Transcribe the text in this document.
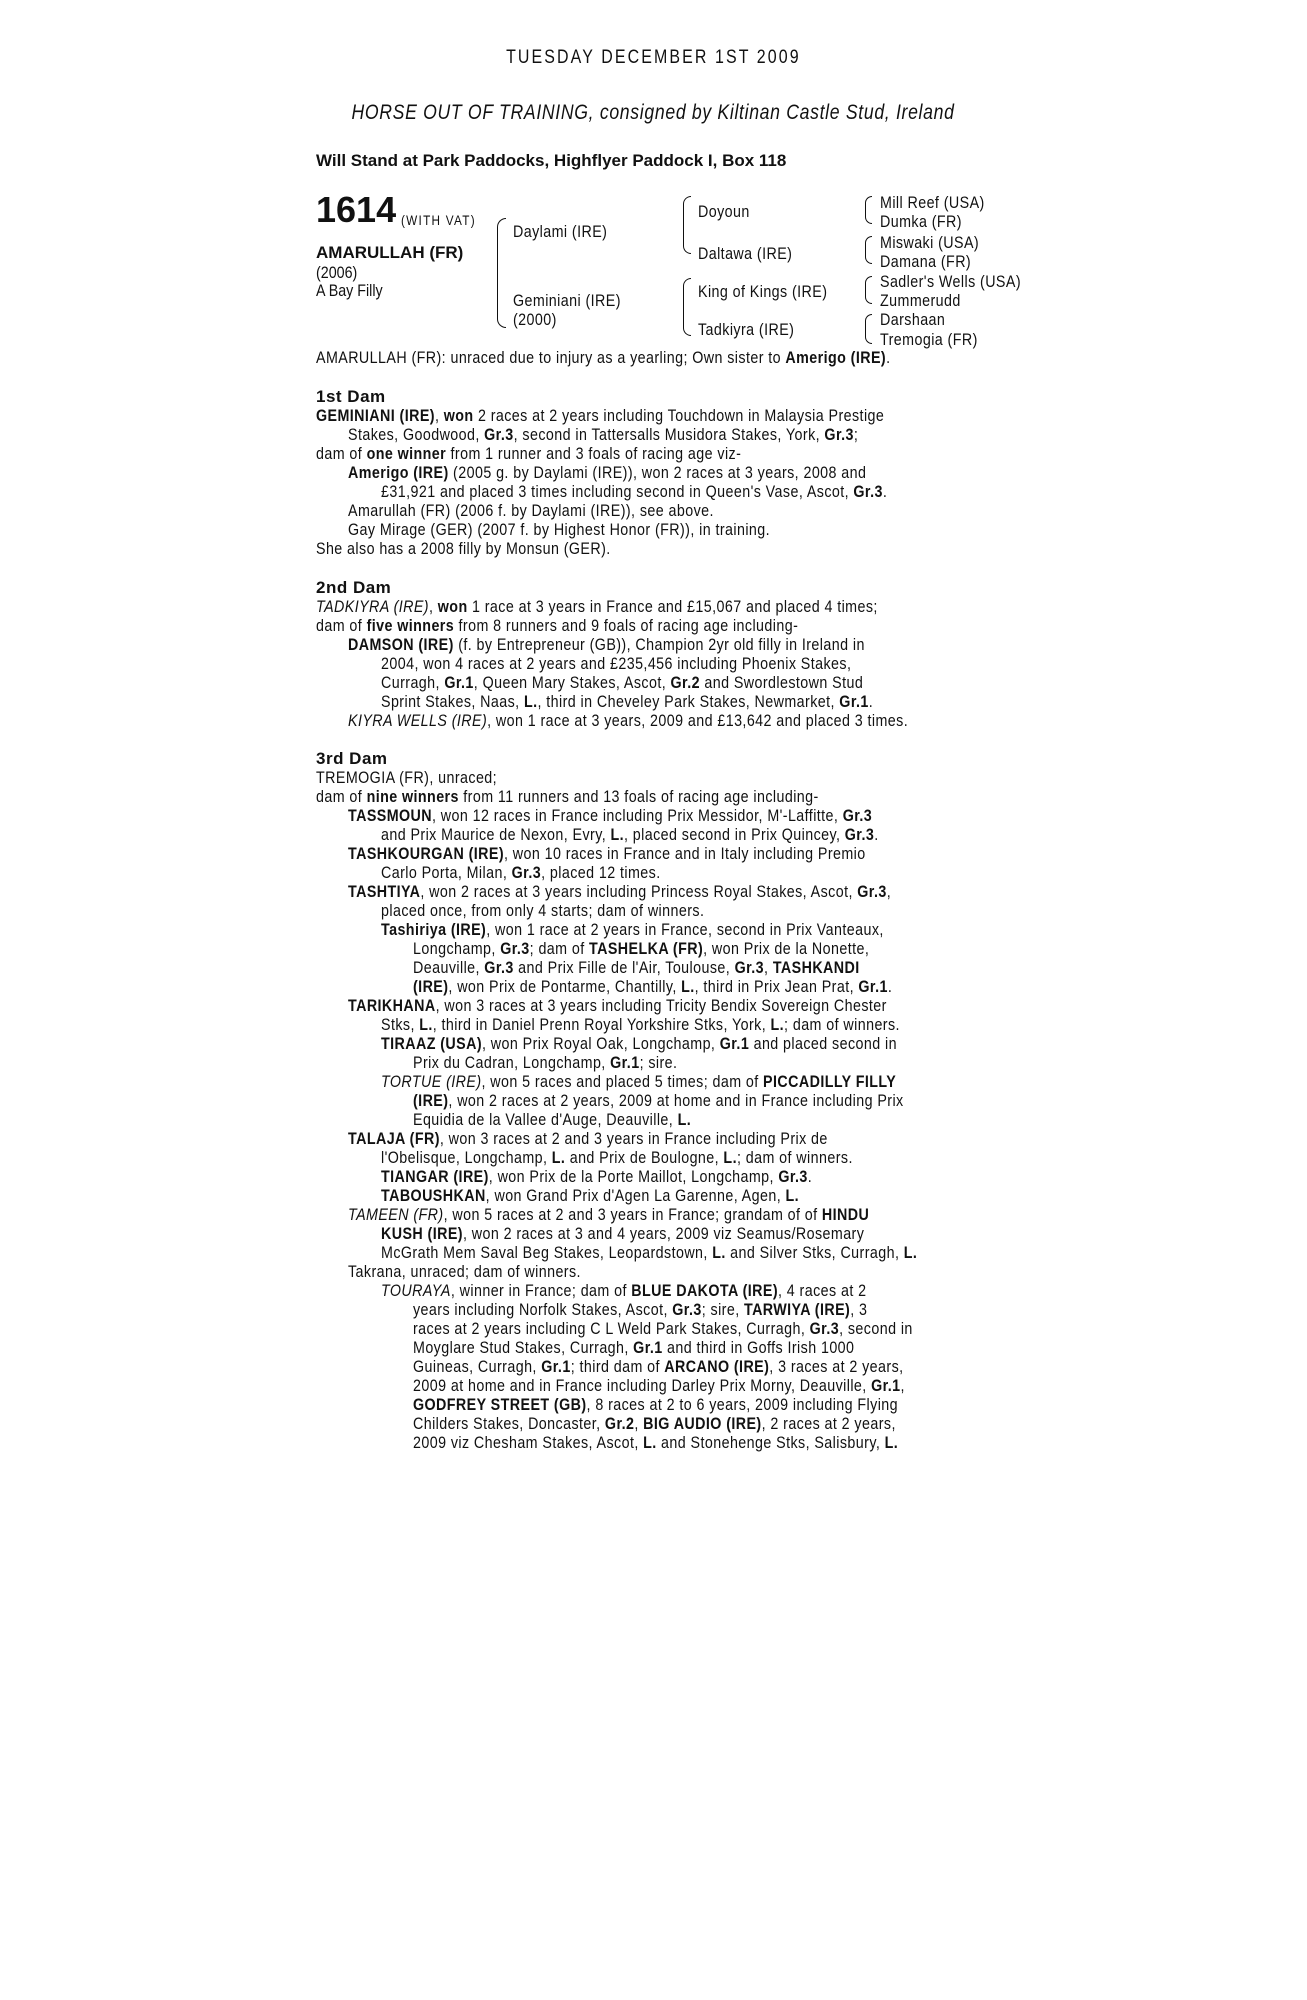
TUESDAY DECEMBER 1ST 2009
HORSE OUT OF TRAINING, consigned by Kiltinan Castle Stud, Ireland
Will Stand at Park Paddocks, Highflyer Paddock I, Box 118
1614 (WITH VAT)
AMARULLAH (FR)
(2006)
A Bay Filly
Daylami (IRE)
Geminiani (IRE)
(2000)
Doyoun
Daltawa (IRE)
King of Kings (IRE)
Tadkiyra (IRE)
Mill Reef (USA)
Dumka (FR)
Miswaki (USA)
Damana (FR)
Sadler's Wells (USA)
Zummerudd
Darshaan
Tremogia (FR)
AMARULLAH (FR): unraced due to injury as a yearling; Own sister to Amerigo (IRE).
1st Dam
GEMINIANI (IRE), won 2 races at 2 years including Touchdown in Malaysia Prestige
Stakes, Goodwood, Gr.3, second in Tattersalls Musidora Stakes, York, Gr.3;
dam of one winner from 1 runner and 3 foals of racing age viz-
Amerigo (IRE) (2005 g. by Daylami (IRE)), won 2 races at 3 years, 2008 and
£31,921 and placed 3 times including second in Queen's Vase, Ascot, Gr.3.
Amarullah (FR) (2006 f. by Daylami (IRE)), see above.
Gay Mirage (GER) (2007 f. by Highest Honor (FR)), in training.
She also has a 2008 filly by Monsun (GER).
2nd Dam
TADKIYRA (IRE), won 1 race at 3 years in France and £15,067 and placed 4 times;
dam of five winners from 8 runners and 9 foals of racing age including-
DAMSON (IRE) (f. by Entrepreneur (GB)), Champion 2yr old filly in Ireland in
2004, won 4 races at 2 years and £235,456 including Phoenix Stakes,
Curragh, Gr.1, Queen Mary Stakes, Ascot, Gr.2 and Swordlestown Stud
Sprint Stakes, Naas, L., third in Cheveley Park Stakes, Newmarket, Gr.1.
KIYRA WELLS (IRE), won 1 race at 3 years, 2009 and £13,642 and placed 3 times.
3rd Dam
TREMOGIA (FR), unraced;
dam of nine winners from 11 runners and 13 foals of racing age including-
TASSMOUN, won 12 races in France including Prix Messidor, M'-Laffitte, Gr.3
and Prix Maurice de Nexon, Evry, L., placed second in Prix Quincey, Gr.3.
TASHKOURGAN (IRE), won 10 races in France and in Italy including Premio
Carlo Porta, Milan, Gr.3, placed 12 times.
TASHTIYA, won 2 races at 3 years including Princess Royal Stakes, Ascot, Gr.3,
placed once, from only 4 starts; dam of winners.
Tashiriya (IRE), won 1 race at 2 years in France, second in Prix Vanteaux,
Longchamp, Gr.3; dam of TASHELKA (FR), won Prix de la Nonette,
Deauville, Gr.3 and Prix Fille de l'Air, Toulouse, Gr.3, TASHKANDI
(IRE), won Prix de Pontarme, Chantilly, L., third in Prix Jean Prat, Gr.1.
TARIKHANA, won 3 races at 3 years including Tricity Bendix Sovereign Chester
Stks, L., third in Daniel Prenn Royal Yorkshire Stks, York, L.; dam of winners.
TIRAAZ (USA), won Prix Royal Oak, Longchamp, Gr.1 and placed second in
Prix du Cadran, Longchamp, Gr.1; sire.
TORTUE (IRE), won 5 races and placed 5 times; dam of PICCADILLY FILLY
(IRE), won 2 races at 2 years, 2009 at home and in France including Prix
Equidia de la Vallee d'Auge, Deauville, L.
TALAJA (FR), won 3 races at 2 and 3 years in France including Prix de
l'Obelisque, Longchamp, L. and Prix de Boulogne, L.; dam of winners.
TIANGAR (IRE), won Prix de la Porte Maillot, Longchamp, Gr.3.
TABOUSHKAN, won Grand Prix d'Agen La Garenne, Agen, L.
TAMEEN (FR), won 5 races at 2 and 3 years in France; grandam of of HINDU
KUSH (IRE), won 2 races at 3 and 4 years, 2009 viz Seamus/Rosemary
McGrath Mem Saval Beg Stakes, Leopardstown, L. and Silver Stks, Curragh, L.
Takrana, unraced; dam of winners.
TOURAYA, winner in France; dam of BLUE DAKOTA (IRE), 4 races at 2
years including Norfolk Stakes, Ascot, Gr.3; sire, TARWIYA (IRE), 3
races at 2 years including C L Weld Park Stakes, Curragh, Gr.3, second in
Moyglare Stud Stakes, Curragh, Gr.1 and third in Goffs Irish 1000
Guineas, Curragh, Gr.1; third dam of ARCANO (IRE), 3 races at 2 years,
2009 at home and in France including Darley Prix Morny, Deauville, Gr.1,
GODFREY STREET (GB), 8 races at 2 to 6 years, 2009 including Flying
Childers Stakes, Doncaster, Gr.2, BIG AUDIO (IRE), 2 races at 2 years,
2009 viz Chesham Stakes, Ascot, L. and Stonehenge Stks, Salisbury, L.
